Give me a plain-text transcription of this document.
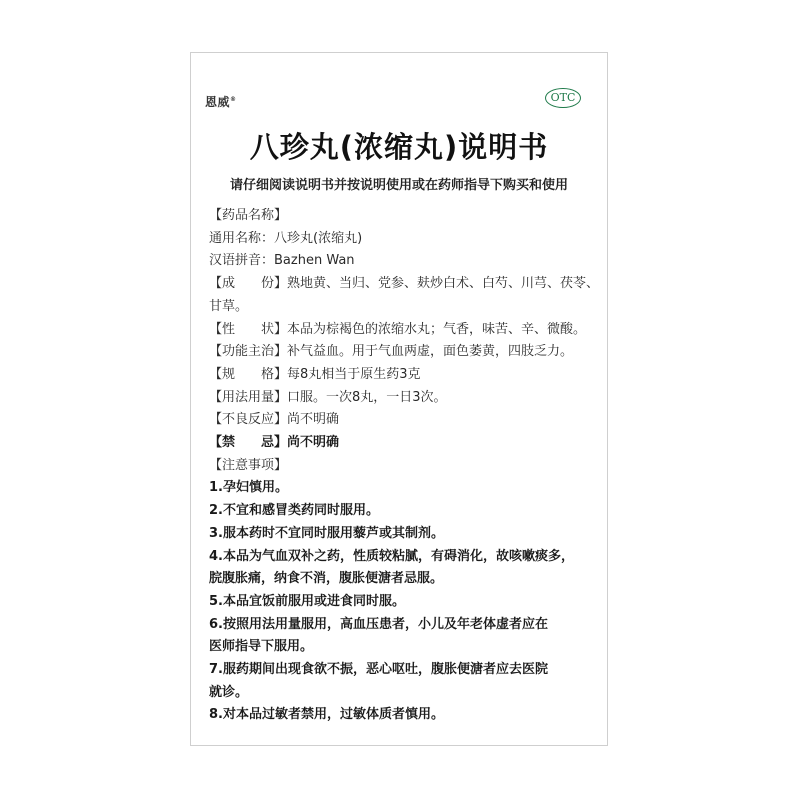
恩威®	OTC
八珍丸(浓缩丸)说明书
请仔细阅读说明书并按说明使用或在药师指导下购买和使用
【药品名称】
通用名称：八珍丸(浓缩丸)
汉语拼音：Bazhen Wan
【成　　份】熟地黄、当归、党参、麸炒白术、白芍、川芎、茯苓、
甘草。
【性　　状】本品为棕褐色的浓缩水丸；气香，味苦、辛、微酸。
【功能主治】补气益血。用于气血两虚，面色萎黄，四肢乏力。
【规　　格】每8丸相当于原生药3克
【用法用量】口服。一次8丸，一日3次。
【不良反应】尚不明确
【禁　　忌】尚不明确
【注意事项】
1.孕妇慎用。
2.不宜和感冒类药同时服用。
3.服本药时不宜同时服用藜芦或其制剂。
4.本品为气血双补之药，性质较粘腻，有碍消化，故咳嗽痰多，
脘腹胀痛，纳食不消，腹胀便溏者忌服。
5.本品宜饭前服用或进食同时服。
6.按照用法用量服用，高血压患者，小儿及年老体虚者应在
医师指导下服用。
7.服药期间出现食欲不振，恶心呕吐，腹胀便溏者应去医院
就诊。
8.对本品过敏者禁用，过敏体质者慎用。
